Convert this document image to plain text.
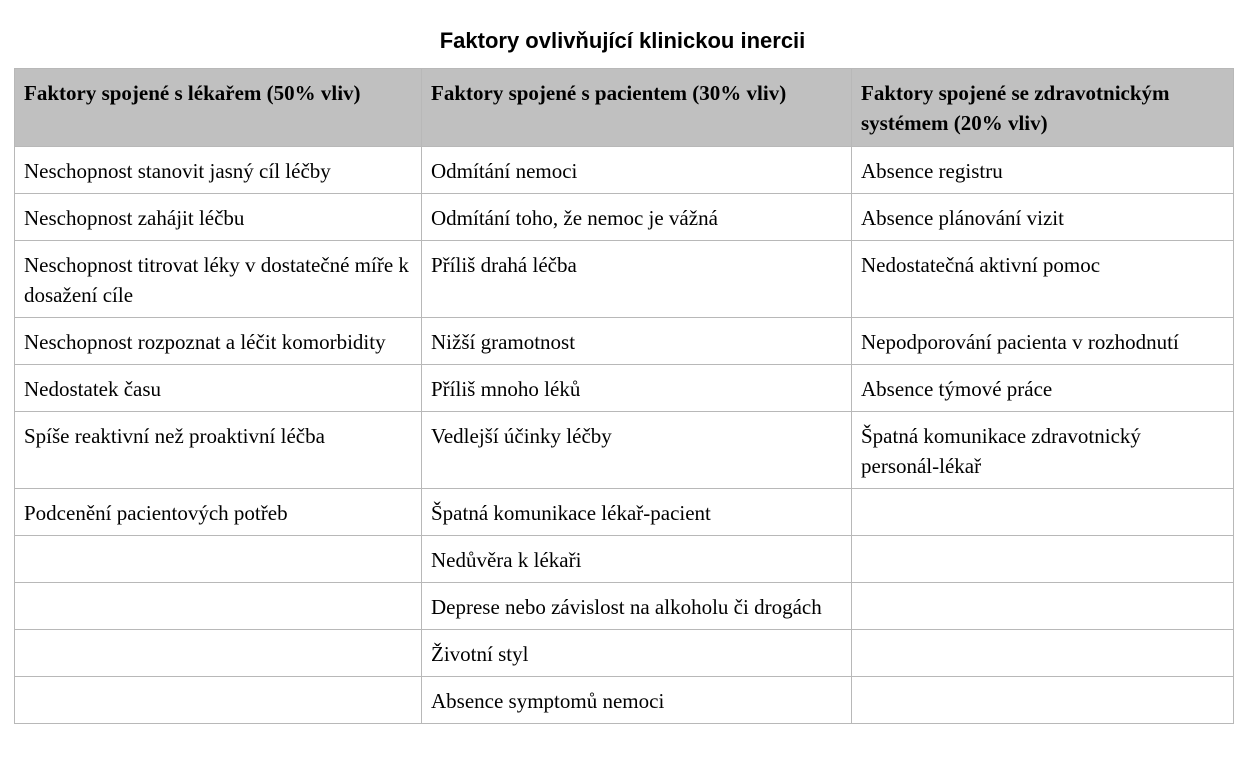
Faktory ovlivňující klinickou inercii
Faktory spojené s lékařem (50% vliv)	Faktory spojené s pacientem (30% vliv)	Faktory spojené se zdravotnickým systémem (20% vliv)
Neschopnost stanovit jasný cíl léčby	Odmítání nemoci	Absence registru
Neschopnost zahájit léčbu	Odmítání toho, že nemoc je vážná	Absence plánování vizit
Neschopnost titrovat léky v dostatečné míře k dosažení cíle	Příliš drahá léčba	Nedostatečná aktivní pomoc
Neschopnost rozpoznat a léčit komorbidity	Nižší gramotnost	Nepodporování pacienta v rozhodnutí
Nedostatek času	Příliš mnoho léků	Absence týmové práce
Spíše reaktivní než proaktivní léčba	Vedlejší účinky léčby	Špatná komunikace zdravotnický personál-lékař
Podcenění pacientových potřeb	Špatná komunikace lékař-pacient	
	Nedůvěra k lékaři	
	Deprese nebo závislost na alkoholu či drogách	
	Životní styl	
	Absence symptomů nemoci	
